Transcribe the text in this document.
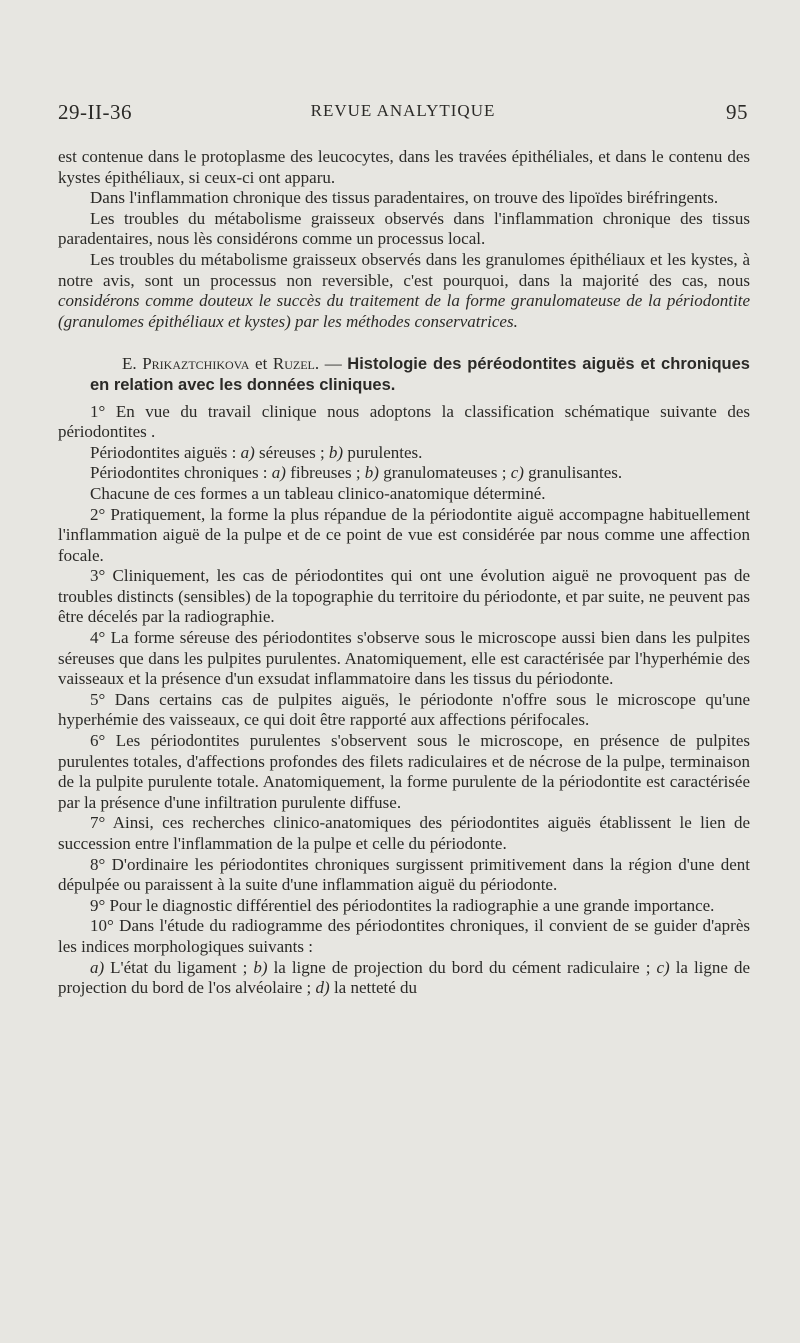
29-II-36	REVUE ANALYTIQUE	95

est contenue dans le protoplasme des leucocytes, dans les travées épithéliales, et dans le contenu des kystes épithéliaux, si ceux-ci ont apparu.

Dans l'inflammation chronique des tissus paradentaires, on trouve des lipoïdes biréfringents.

Les troubles du métabolisme graisseux observés dans l'inflammation chronique des tissus paradentaires, nous lès considérons comme un processus local.

Les troubles du métabolisme graisseux observés dans les granulomes épithéliaux et les kystes, à notre avis, sont un processus non reversible, c'est pourquoi, dans la majorité des cas, nous considérons comme douteux le succès du traitement de la forme granulomateuse de la périodontite (granulomes épithéliaux et kystes) par les méthodes conservatrices.

E. Prikaztchikova et Ruzel. — Histologie des péréodontites aiguës et chroniques en relation avec les données cliniques.

1° En vue du travail clinique nous adoptons la classification schématique suivante des périodontites .

Périodontites aiguës : a) séreuses ; b) purulentes.

Périodontites chroniques : a) fibreuses ; b) granulomateuses ; c) granulisantes.

Chacune de ces formes a un tableau clinico-anatomique déterminé.

2° Pratiquement, la forme la plus répandue de la périodontite aiguë accompagne habituellement l'inflammation aiguë de la pulpe et de ce point de vue est considérée par nous comme une affection focale.

3° Cliniquement, les cas de périodontites qui ont une évolution aiguë ne provoquent pas de troubles distincts (sensibles) de la topographie du territoire du périodonte, et par suite, ne peuvent pas être décelés par la radiographie.

4° La forme séreuse des périodontites s'observe sous le microscope aussi bien dans les pulpites séreuses que dans les pulpites purulentes. Anatomiquement, elle est caractérisée par l'hyperhémie des vaisseaux et la présence d'un exsudat inflammatoire dans les tissus du périodonte.

5° Dans certains cas de pulpites aiguës, le périodonte n'offre sous le microscope qu'une hyperhémie des vaisseaux, ce qui doit être rapporté aux affections périfocales.

6° Les périodontites purulentes s'observent sous le microscope, en présence de pulpites purulentes totales, d'affections profondes des filets radiculaires et de nécrose de la pulpe, terminaison de la pulpite purulente totale. Anatomiquement, la forme purulente de la périodontite est caractérisée par la présence d'une infiltration purulente diffuse.

7° Ainsi, ces recherches clinico-anatomiques des périodontites aiguës établissent le lien de succession entre l'inflammation de la pulpe et celle du périodonte.

8° D'ordinaire les périodontites chroniques surgissent primitivement dans la région d'une dent dépulpée ou paraissent à la suite d'une inflammation aiguë du périodonte.

9° Pour le diagnostic différentiel des périodontites la radiographie a une grande importance.

10° Dans l'étude du radiogramme des périodontites chroniques, il convient de se guider d'après les indices morphologiques suivants :

a) L'état du ligament ; b) la ligne de projection du bord du cément radiculaire ; c) la ligne de projection du bord de l'os alvéolaire ; d) la netteté du
